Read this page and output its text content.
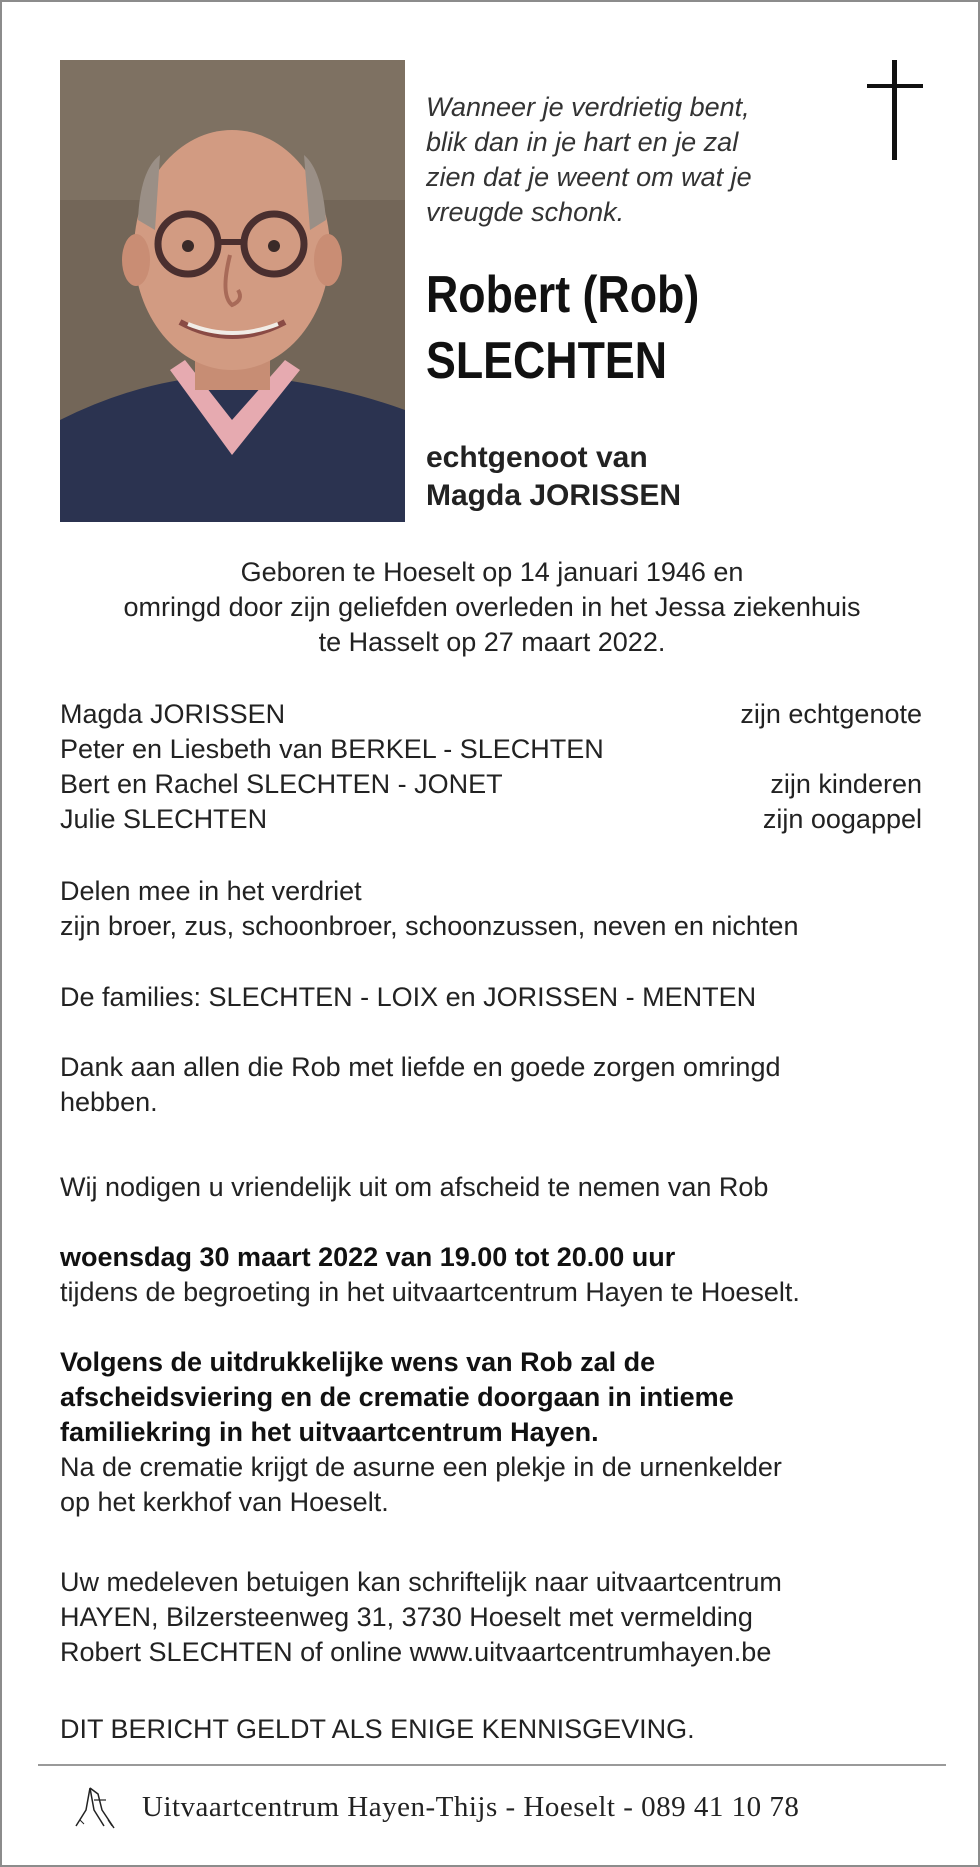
Wanneer je verdrietig bent,
blik dan in je hart en je zal
zien dat je weent om wat je
vreugde schonk.
Robert (Rob)
SLECHTEN
echtgenoot van
Magda JORISSEN
Geboren te Hoeselt op 14 januari 1946 en
omringd door zijn geliefden overleden in het Jessa ziekenhuis
te Hasselt op 27 maart 2022.
Magda JORISSEN	zijn echtgenote
Peter en Liesbeth van BERKEL - SLECHTEN
Bert en Rachel SLECHTEN - JONET	zijn kinderen
Julie SLECHTEN	zijn oogappel
Delen mee in het verdriet
zijn broer, zus, schoonbroer, schoonzussen, neven en nichten
De families: SLECHTEN - LOIX en JORISSEN - MENTEN
Dank aan allen die Rob met liefde en goede zorgen omringd
hebben.
Wij nodigen u vriendelijk uit om afscheid te nemen van Rob
woensdag 30 maart 2022 van 19.00 tot 20.00 uur
tijdens de begroeting in het uitvaartcentrum Hayen te Hoeselt.
Volgens de uitdrukkelijke wens van Rob zal de
afscheidsviering en de crematie doorgaan in intieme
familiekring in het uitvaartcentrum Hayen.
Na de crematie krijgt de asurne een plekje in de urnenkelder
op het kerkhof van Hoeselt.
Uw medeleven betuigen kan schriftelijk naar uitvaartcentrum
HAYEN, Bilzersteenweg 31, 3730 Hoeselt met vermelding
Robert SLECHTEN of online www.uitvaartcentrumhayen.be
DIT BERICHT GELDT ALS ENIGE KENNISGEVING.
Uitvaartcentrum Hayen-Thijs - Hoeselt - 089 41 10 78
